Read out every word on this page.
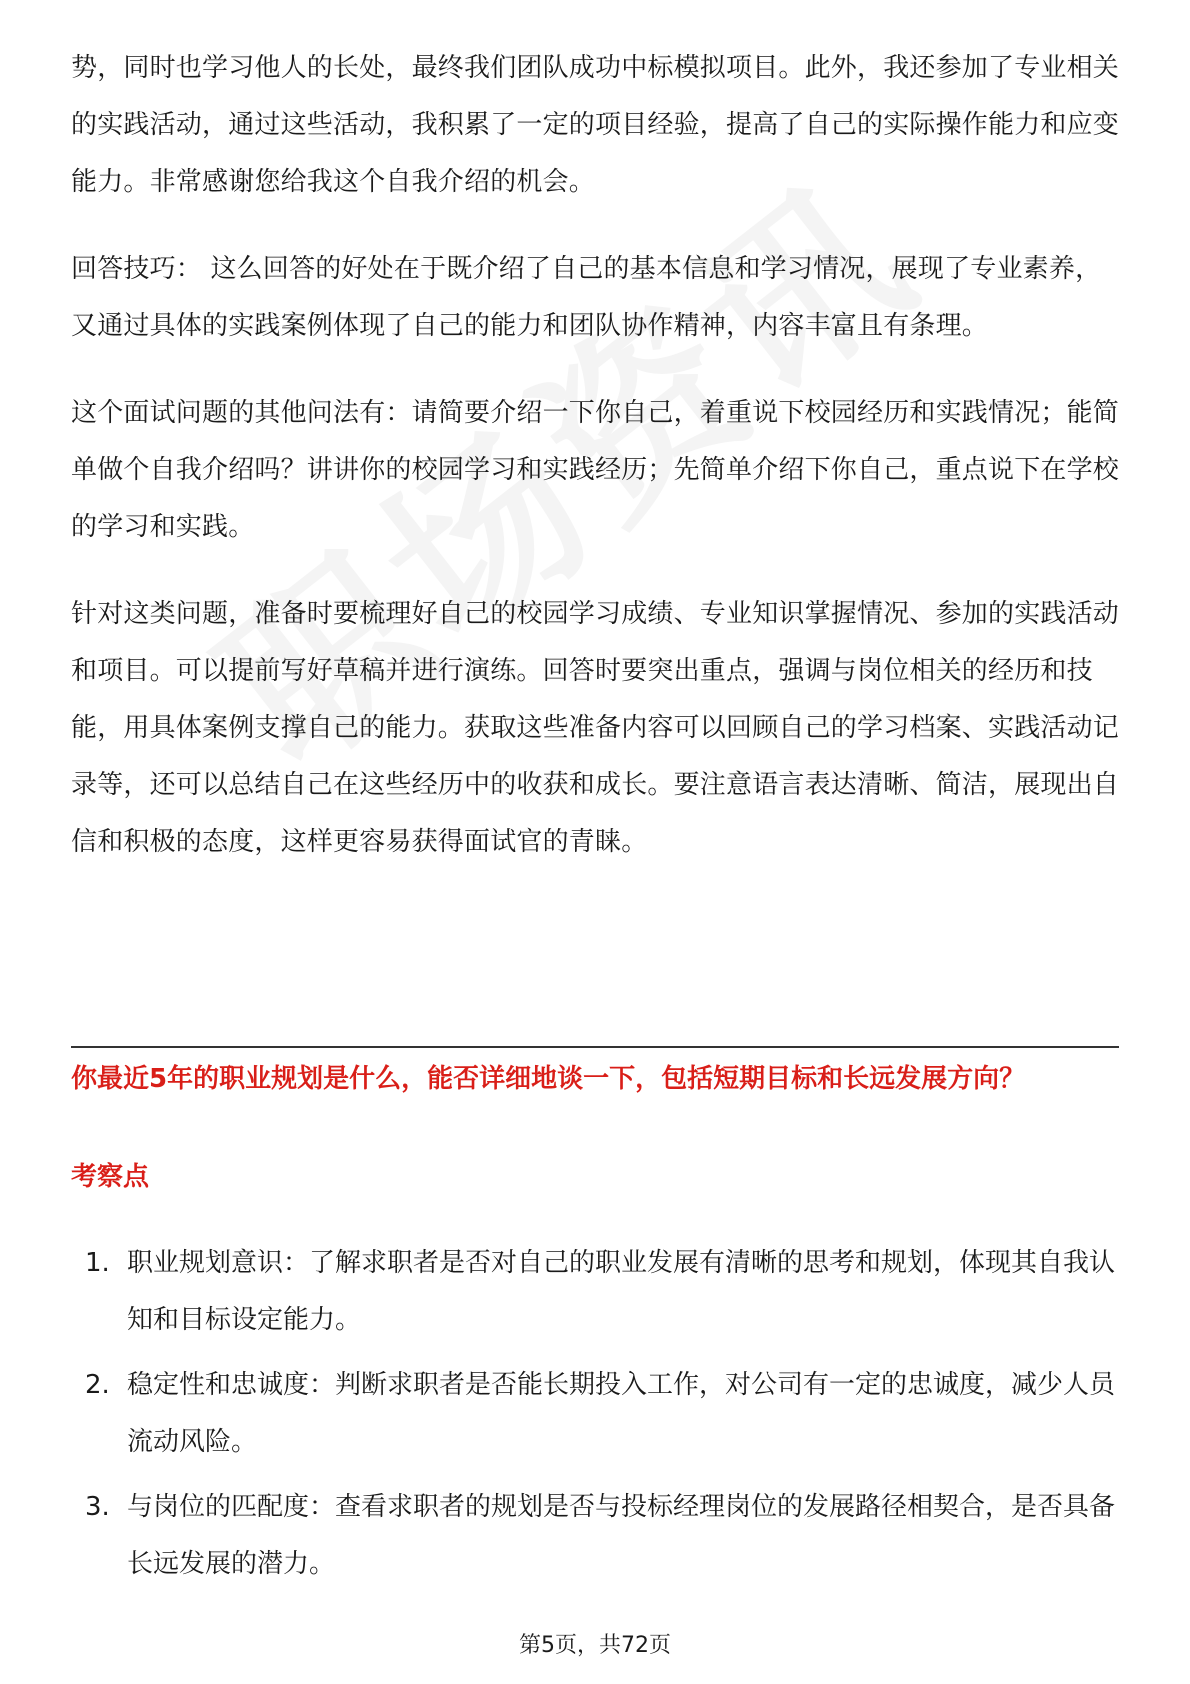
势，同时也学习他人的长处，最终我们团队成功中标模拟项目。此外，我还参加了专业相关的实践活动，通过这些活动，我积累了一定的项目经验，提高了自己的实际操作能力和应变能力。非常感谢您给我这个自我介绍的机会。

回答技巧： 这么回答的好处在于既介绍了自己的基本信息和学习情况，展现了专业素养，又通过具体的实践案例体现了自己的能力和团队协作精神，内容丰富且有条理。

这个面试问题的其他问法有：请简要介绍一下你自己，着重说下校园经历和实践情况；能简单做个自我介绍吗？讲讲你的校园学习和实践经历；先简单介绍下你自己，重点说下在学校的学习和实践。

针对这类问题，准备时要梳理好自己的校园学习成绩、专业知识掌握情况、参加的实践活动和项目。可以提前写好草稿并进行演练。回答时要突出重点，强调与岗位相关的经历和技能，用具体案例支撑自己的能力。获取这些准备内容可以回顾自己的学习档案、实践活动记录等，还可以总结自己在这些经历中的收获和成长。要注意语言表达清晰、简洁，展现出自信和积极的态度，这样更容易获得面试官的青睐。

你最近5年的职业规划是什么，能否详细地谈一下，包括短期目标和长远发展方向？
考察点
1. 职业规划意识：了解求职者是否对自己的职业发展有清晰的思考和规划，体现其自我认知和目标设定能力。
2. 稳定性和忠诚度：判断求职者是否能长期投入工作，对公司有一定的忠诚度，减少人员流动风险。
3. 与岗位的匹配度：查看求职者的规划是否与投标经理岗位的发展路径相契合，是否具备长远发展的潜力。
第5页，共72页
